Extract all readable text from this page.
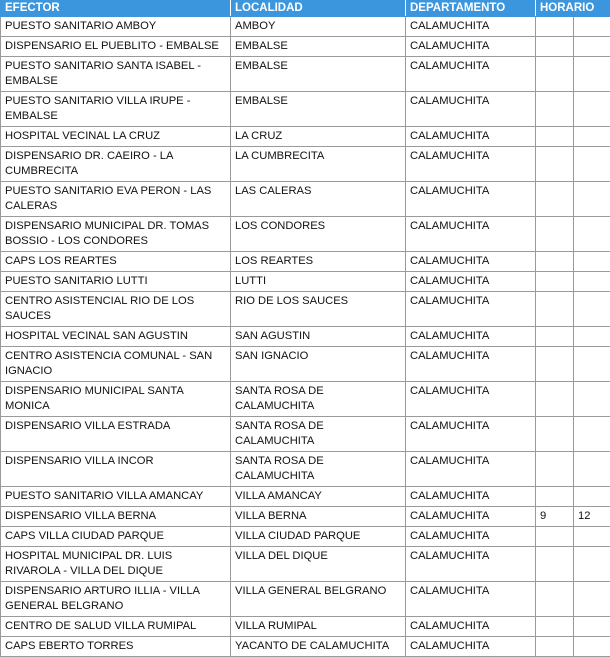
EFECTOR	LOCALIDAD	DEPARTAMENTO	HORARIO	
PUESTO SANITARIO AMBOY	AMBOY	CALAMUCHITA		
DISPENSARIO EL PUEBLITO - EMBALSE	EMBALSE	CALAMUCHITA		
PUESTO SANITARIO SANTA ISABEL - EMBALSE	EMBALSE	CALAMUCHITA		
PUESTO SANITARIO VILLA IRUPE - EMBALSE	EMBALSE	CALAMUCHITA		
HOSPITAL VECINAL LA CRUZ	LA CRUZ	CALAMUCHITA		
DISPENSARIO DR. CAEIRO - LA CUMBRECITA	LA CUMBRECITA	CALAMUCHITA		
PUESTO SANITARIO EVA PERON - LAS CALERAS	LAS CALERAS	CALAMUCHITA		
DISPENSARIO MUNICIPAL DR. TOMAS BOSSIO - LOS CONDORES	LOS CONDORES	CALAMUCHITA		
CAPS LOS REARTES	LOS REARTES	CALAMUCHITA		
PUESTO SANITARIO LUTTI	LUTTI	CALAMUCHITA		
CENTRO ASISTENCIAL RIO DE LOS SAUCES	RIO DE LOS SAUCES	CALAMUCHITA		
HOSPITAL VECINAL SAN AGUSTIN	SAN AGUSTIN	CALAMUCHITA		
CENTRO ASISTENCIA COMUNAL - SAN IGNACIO	SAN IGNACIO	CALAMUCHITA		
DISPENSARIO MUNICIPAL SANTA MONICA	SANTA ROSA DE CALAMUCHITA	CALAMUCHITA		
DISPENSARIO VILLA ESTRADA	SANTA ROSA DE CALAMUCHITA	CALAMUCHITA		
DISPENSARIO VILLA INCOR	SANTA ROSA DE CALAMUCHITA	CALAMUCHITA		
PUESTO SANITARIO VILLA AMANCAY	VILLA AMANCAY	CALAMUCHITA		
DISPENSARIO VILLA BERNA	VILLA BERNA	CALAMUCHITA	9	12
CAPS VILLA CIUDAD PARQUE	VILLA CIUDAD PARQUE	CALAMUCHITA		
HOSPITAL MUNICIPAL DR. LUIS RIVAROLA - VILLA DEL DIQUE	VILLA DEL DIQUE	CALAMUCHITA		
DISPENSARIO ARTURO ILLIA - VILLA GENERAL BELGRANO	VILLA GENERAL BELGRANO	CALAMUCHITA		
CENTRO DE SALUD VILLA RUMIPAL	VILLA RUMIPAL	CALAMUCHITA		
CAPS EBERTO TORRES	YACANTO DE CALAMUCHITA	CALAMUCHITA		
